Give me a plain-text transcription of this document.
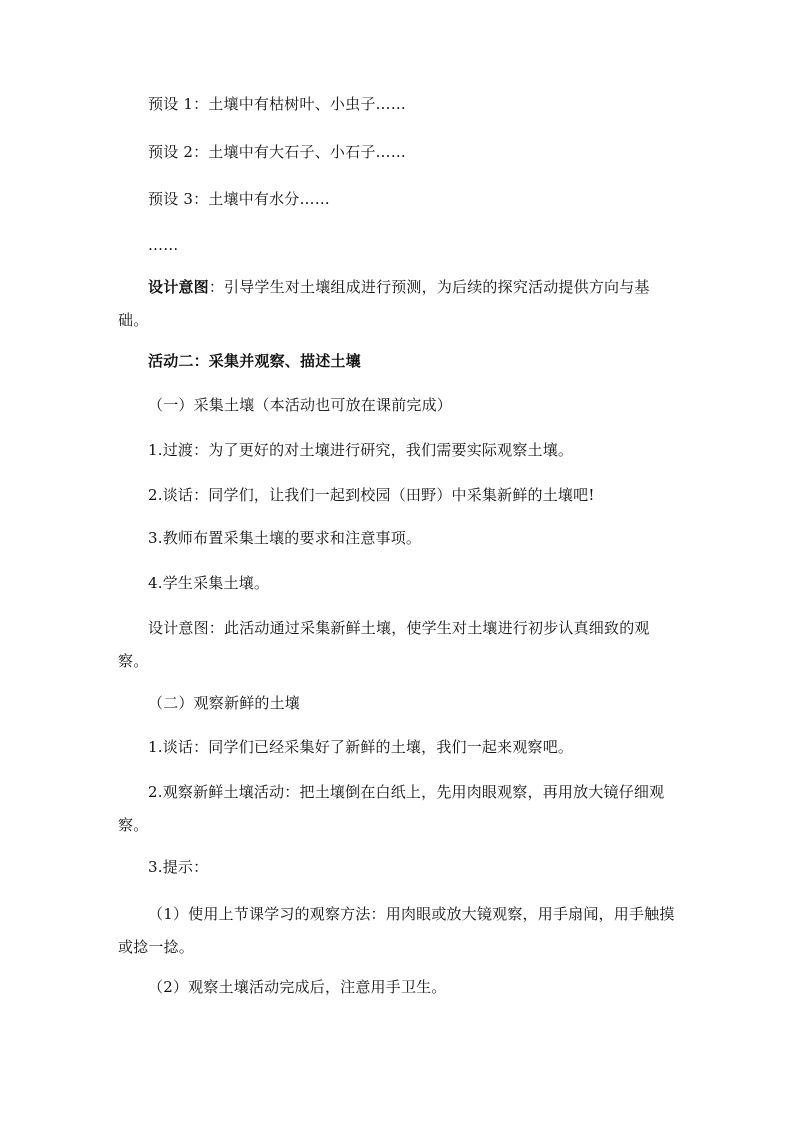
预设 1：土壤中有枯树叶、小虫子……
预设 2：土壤中有大石子、小石子……
预设 3：土壤中有水分……
……
设计意图：引导学生对土壤组成进行预测，为后续的探究活动提供方向与基础。
活动二：采集并观察、描述土壤
（一）采集土壤（本活动也可放在课前完成）
1.过渡：为了更好的对土壤进行研究，我们需要实际观察土壤。
2.谈话：同学们，让我们一起到校园（田野）中采集新鲜的土壤吧!
3.教师布置采集土壤的要求和注意事项。
4.学生采集土壤。
设计意图：此活动通过采集新鲜土壤，使学生对土壤进行初步认真细致的观察。
（二）观察新鲜的土壤
1.谈话：同学们已经采集好了新鲜的土壤，我们一起来观察吧。
2.观察新鲜土壤活动：把土壤倒在白纸上，先用肉眼观察，再用放大镜仔细观察。
3.提示：
（1）使用上节课学习的观察方法：用肉眼或放大镜观察，用手扇闻，用手触摸或捻一捻。
（2）观察土壤活动完成后，注意用手卫生。
